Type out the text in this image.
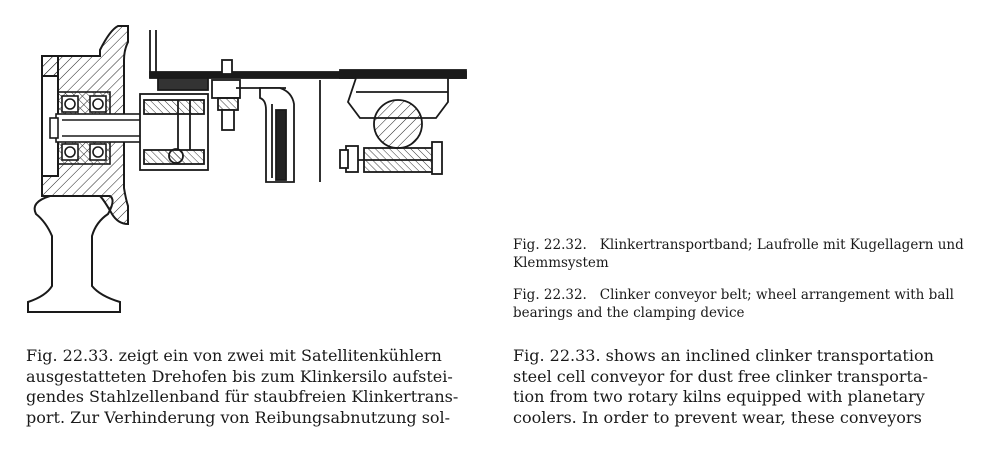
Fig. 22.32. Klinkertransportband; Laufrolle mit Kugellagern und Klemmsystem

Fig. 22.32. Clinker conveyor belt; wheel arrangement with ball bearings and the clamping device

Fig. 22.33. zeigt ein von zwei mit Satellitenkühlern
ausgestatteten Drehofen bis zum Klinkersilo aufstei-
gendes Stahlzellenband für staubfreien Klinkertrans-
port. Zur Verhinderung von Reibungsabnutzung sol-
Fig. 22.33. shows an inclined clinker transportation
steel cell conveyor for dust free clinker transporta-
tion from two rotary kilns equipped with planetary
coolers. In order to prevent wear, these conveyors
